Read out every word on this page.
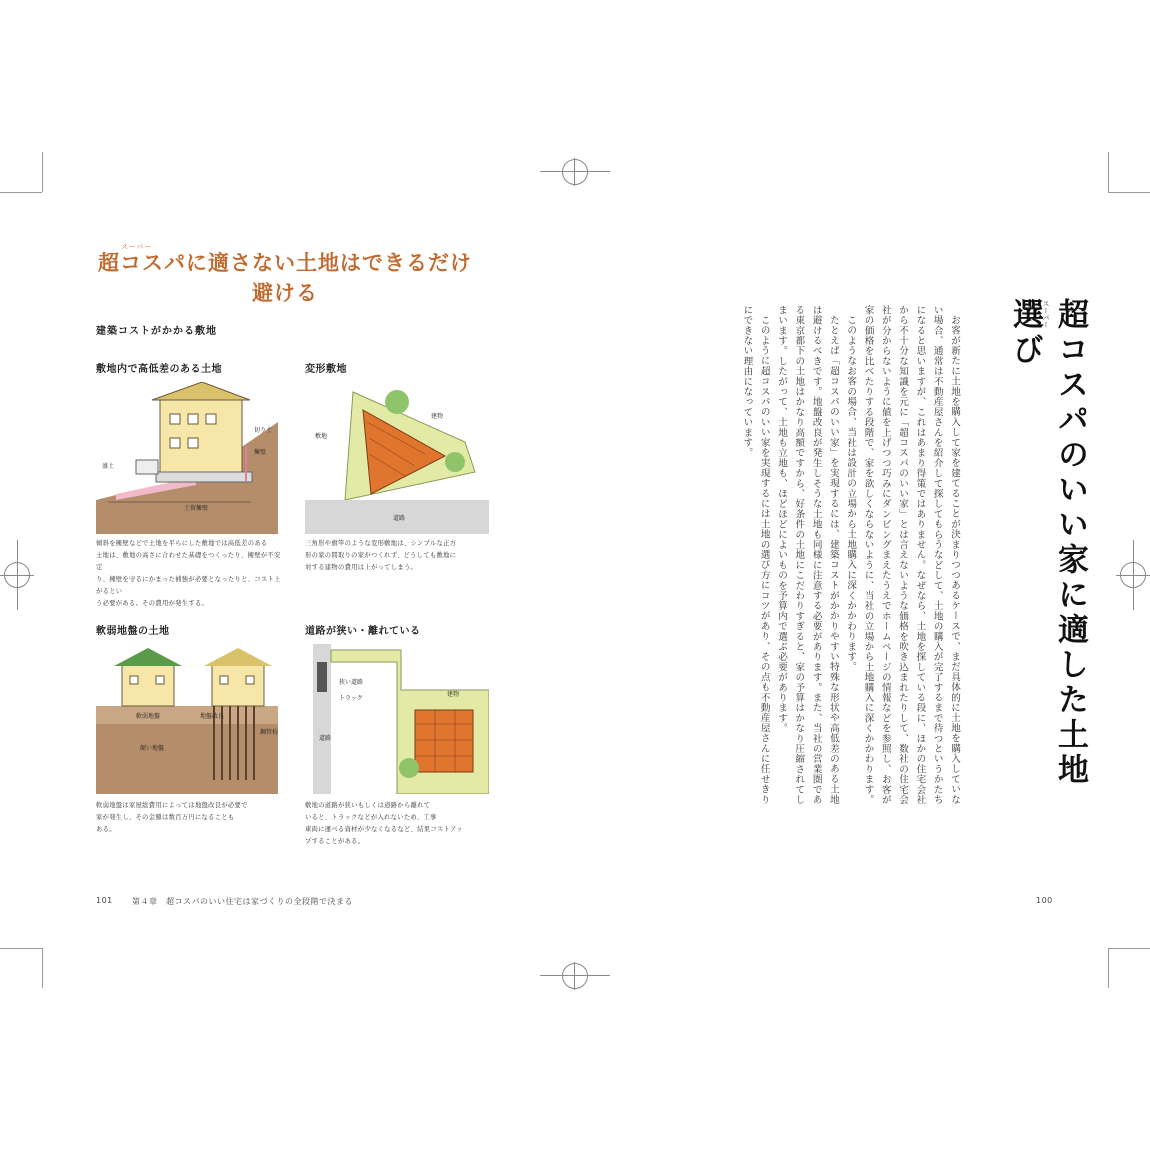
スーパー
超コスパに適さない土地はできるだけ
避ける
建築コストがかかる敷地
敷地内で高低差のある土地
土留擁壁
盛土
切り土
擁壁
傾斜を擁壁などで土地を平らにした敷地では高低差のある
土地は、敷地の高さに合わせた基礎をつくったり、擁壁が不安定
り、擁壁を守るにかまった補強が必要となったりと、コスト上がるとい
う必要がある。その費用が発生する。
変形敷地
道路
敷地
建物
三角形や旗竿のような変形敷地は、シンプルな正方
形の家の間取りの家がつくれず、どうしても敷地に
対する建物の費用は上がってしまう。
軟弱地盤の土地
軟弱地盤
硬い地盤
鋼管杭
地盤改良
軟弱地盤は家屋総費用によっては地盤改良が必要で
家が発生し、その金額は数百万円になることも
ある。
道路が狭い・離れている
道路
狭い道路
トラック
建物
敷地の道路が狭いもしくは道路から離れて
いると、トラックなどが入れないため、工事
車両に運べる資材が少なくなるなど、結果コストアッ
プすることがある。
101 第４章　超コスパのいい住宅は家づくりの全段階で決まる
スーパー 超コスパのいい家に適した土地選び

お客が新たに土地を購入して家を建てることが決まりつつあるケースで、まだ具体的に土地を購入していない場合、通常は不動産屋さんを紹介して探してもらうなどして、土地の購入が完了するまで待つというかたちになると思いますが、これはあまり得策ではありません。なぜなら、土地を探している段に、ほかの住宅会社から不十分な知識を元に「超コスパのいい家」とは言えないような価格を吹き込まれたりして、数社の住宅会社が分からないように値を上げつつ巧みにダンピングまえたうえでホームページの情報などを参照し、お客が家の価格を比べたりする段階で、家を欲しくならないように、当社の立場から土地購入に深くかかわります。

このようなお客の場合、当社は設計の立場から土地購入に深くかかわります。

たとえば「超コスパのいい家」を実現するには、建築コストがかかりやすい特殊な形状や高低差のある土地は避けるべきです。地盤改良が発生しそうな土地も同様に注意する必要があります。また、当社の営業圏である東京都下の土地はかなり高額ですから、好条件の土地にこだわりすぎると、家の予算はかなり圧縮されてしまいます。したがって、土地も立地も、ほどほどによいものを予算内で選ぶ必要があります。

このように超コスパのいい家を実現するには土地の選び方にコツがあり、その点も不動産屋さんに任せきりにできない理由になっています。

100
